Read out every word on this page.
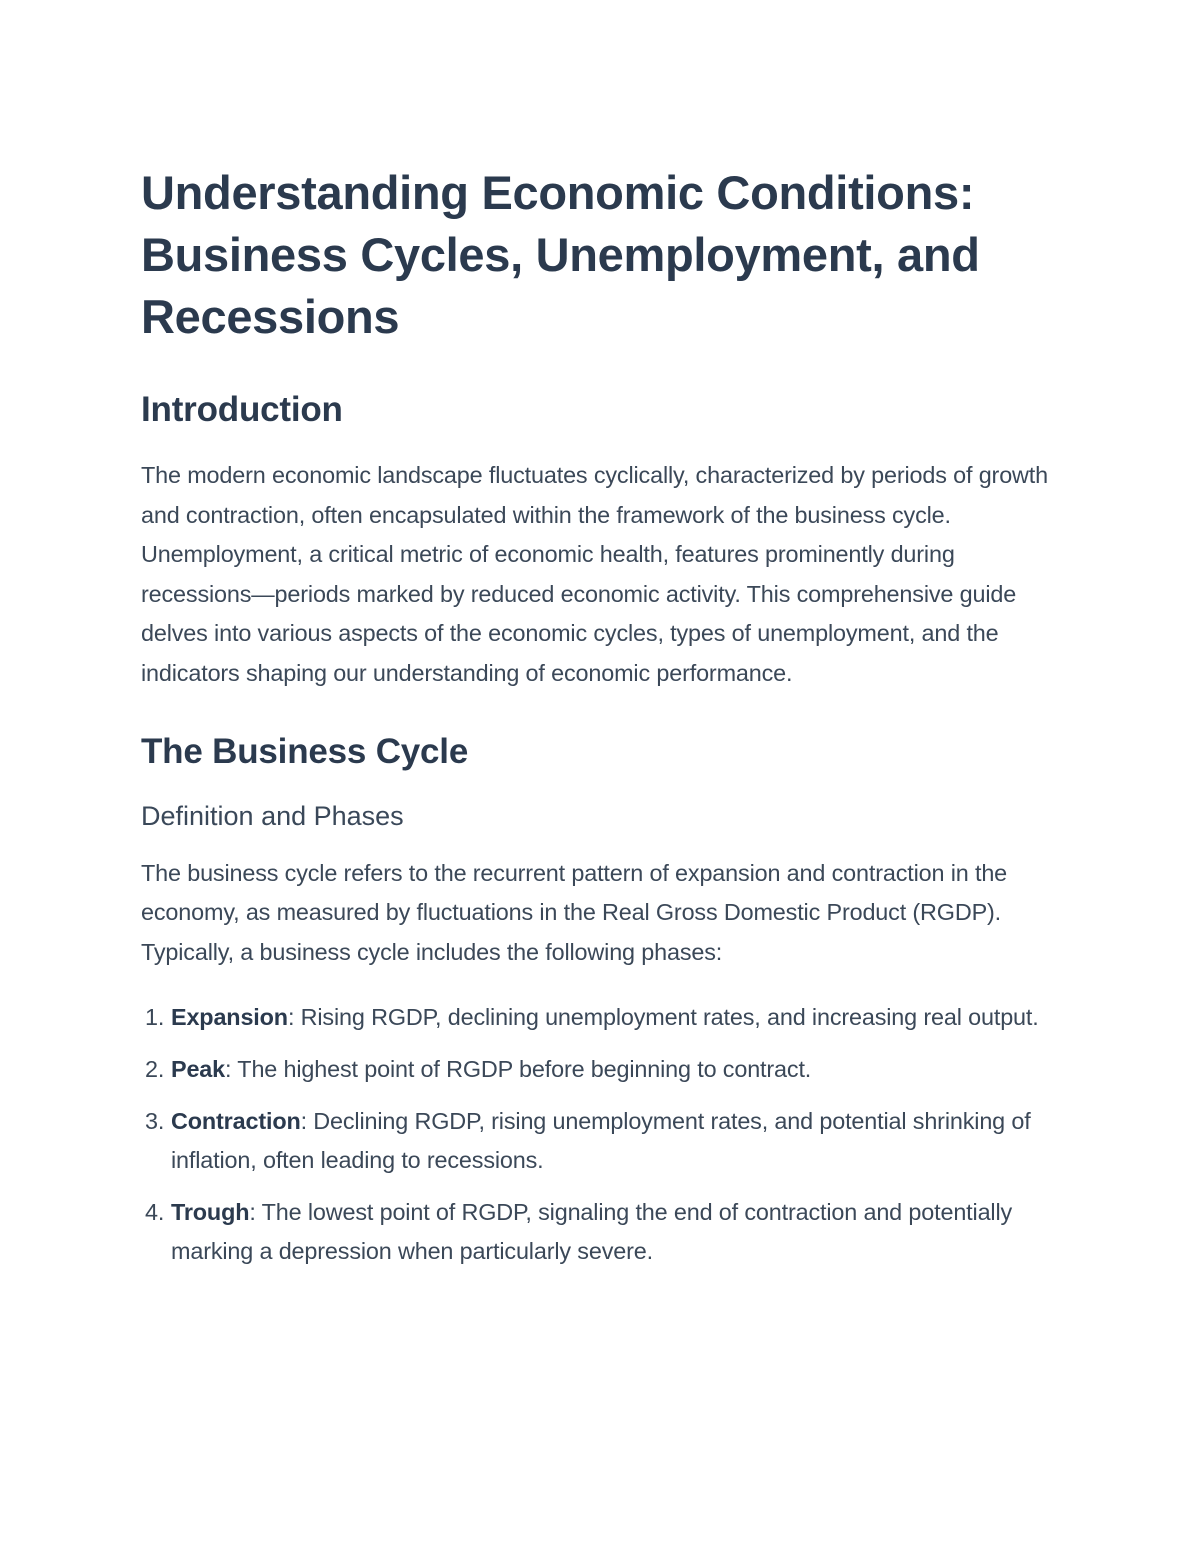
Understanding Economic Conditions: Business Cycles, Unemployment, and Recessions
Introduction

The modern economic landscape fluctuates cyclically, characterized by periods of growth and contraction, often encapsulated within the framework of the business cycle. Unemployment, a critical metric of economic health, features prominently during recessions—periods marked by reduced economic activity. This comprehensive guide delves into various aspects of the economic cycles, types of unemployment, and the indicators shaping our understanding of economic performance.

The Business Cycle
Definition and Phases

The business cycle refers to the recurrent pattern of expansion and contraction in the economy, as measured by fluctuations in the Real Gross Domestic Product (RGDP). Typically, a business cycle includes the following phases:

1. Expansion: Rising RGDP, declining unemployment rates, and increasing real output.
2. Peak: The highest point of RGDP before beginning to contract.
3. Contraction: Declining RGDP, rising unemployment rates, and potential shrinking of inflation, often leading to recessions.
4. Trough: The lowest point of RGDP, signaling the end of contraction and potentially marking a depression when particularly severe.
